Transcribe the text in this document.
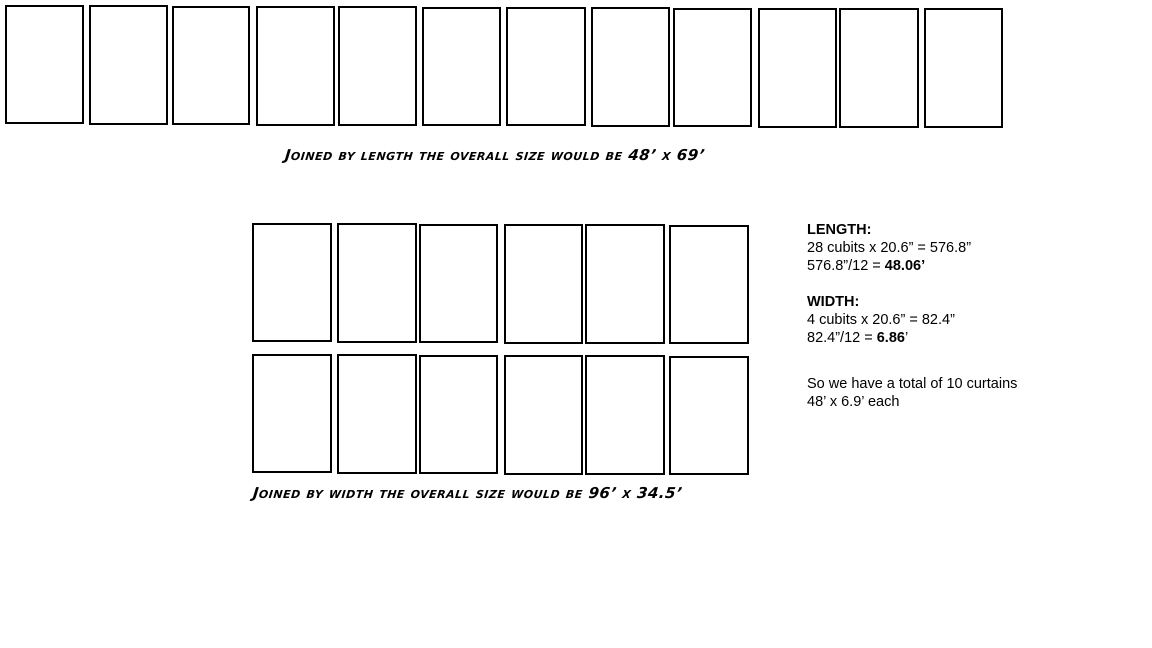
Joined by length the overall size would be 48’ x 69’
Joined by width the overall size would be 96’ x 34.5’
LENGTH:
28 cubits x 20.6” = 576.8”
576.8”/12 = 48.06’
WIDTH:
4 cubits x 20.6” = 82.4”
82.4”/12 = 6.86’
So we have a total of 10 curtains
48’ x 6.9’ each
